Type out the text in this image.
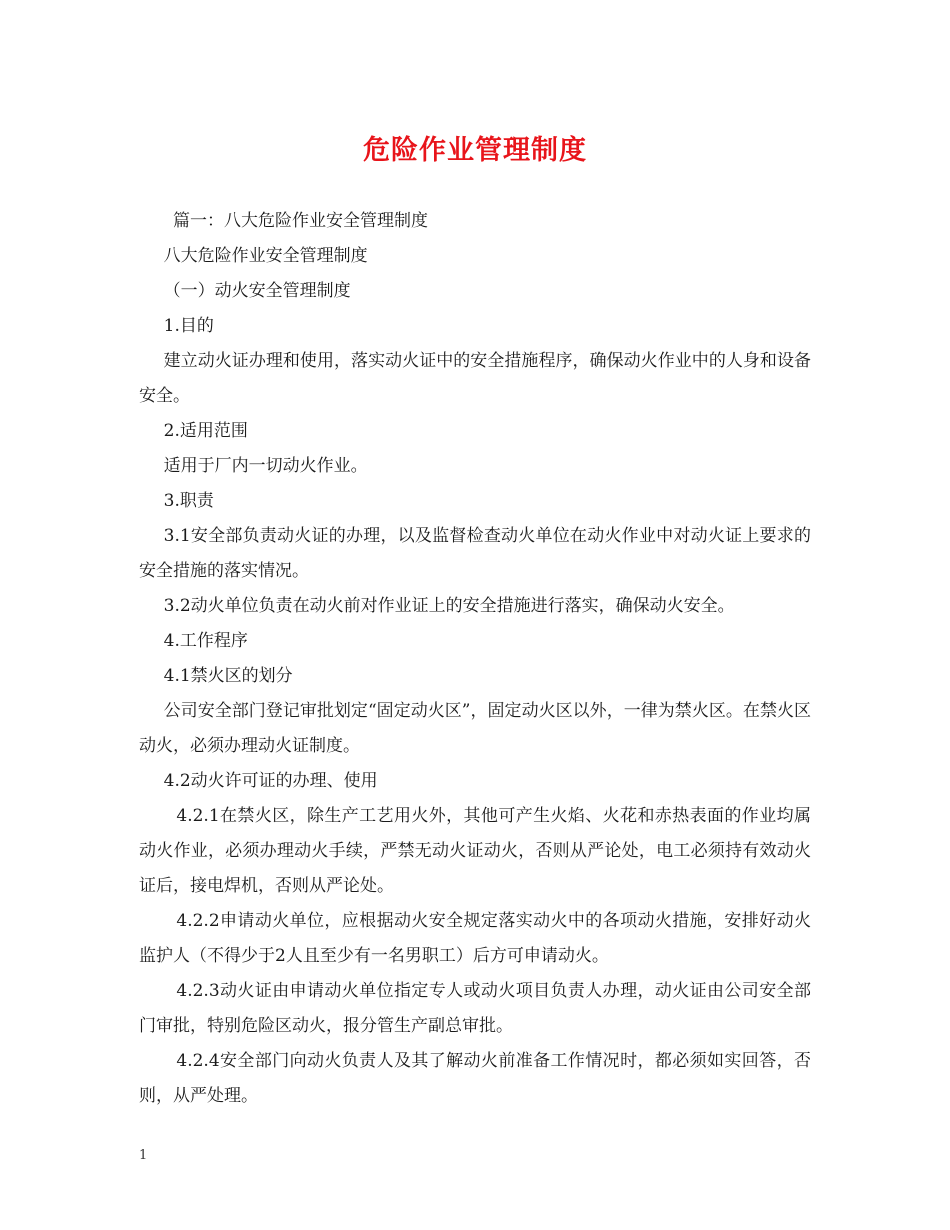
危险作业管理制度

篇一：八大危险作业安全管理制度

八大危险作业安全管理制度

（一）动火安全管理制度

1.目的

建立动火证办理和使用，落实动火证中的安全措施程序，确保动火作业中的人身和设备安全。

2.适用范围

适用于厂内一切动火作业。

3.职责

3.1安全部负责动火证的办理，以及监督检查动火单位在动火作业中对动火证上要求的安全措施的落实情况。

3.2动火单位负责在动火前对作业证上的安全措施进行落实，确保动火安全。

4.工作程序

4.1禁火区的划分

公司安全部门登记审批划定“固定动火区”，固定动火区以外，一律为禁火区。在禁火区动火，必须办理动火证制度。

4.2动火许可证的办理、使用

4.2.1在禁火区，除生产工艺用火外，其他可产生火焰、火花和赤热表面的作业均属动火作业，必须办理动火手续，严禁无动火证动火，否则从严论处，电工必须持有效动火证后，接电焊机，否则从严论处。

4.2.2申请动火单位，应根据动火安全规定落实动火中的各项动火措施，安排好动火监护人（不得少于2人且至少有一名男职工）后方可申请动火。

4.2.3动火证由申请动火单位指定专人或动火项目负责人办理，动火证由公司安全部门审批，特别危险区动火，报分管生产副总审批。

4.2.4安全部门向动火负责人及其了解动火前准备工作情况时，都必须如实回答，否则，从严处理。

1
